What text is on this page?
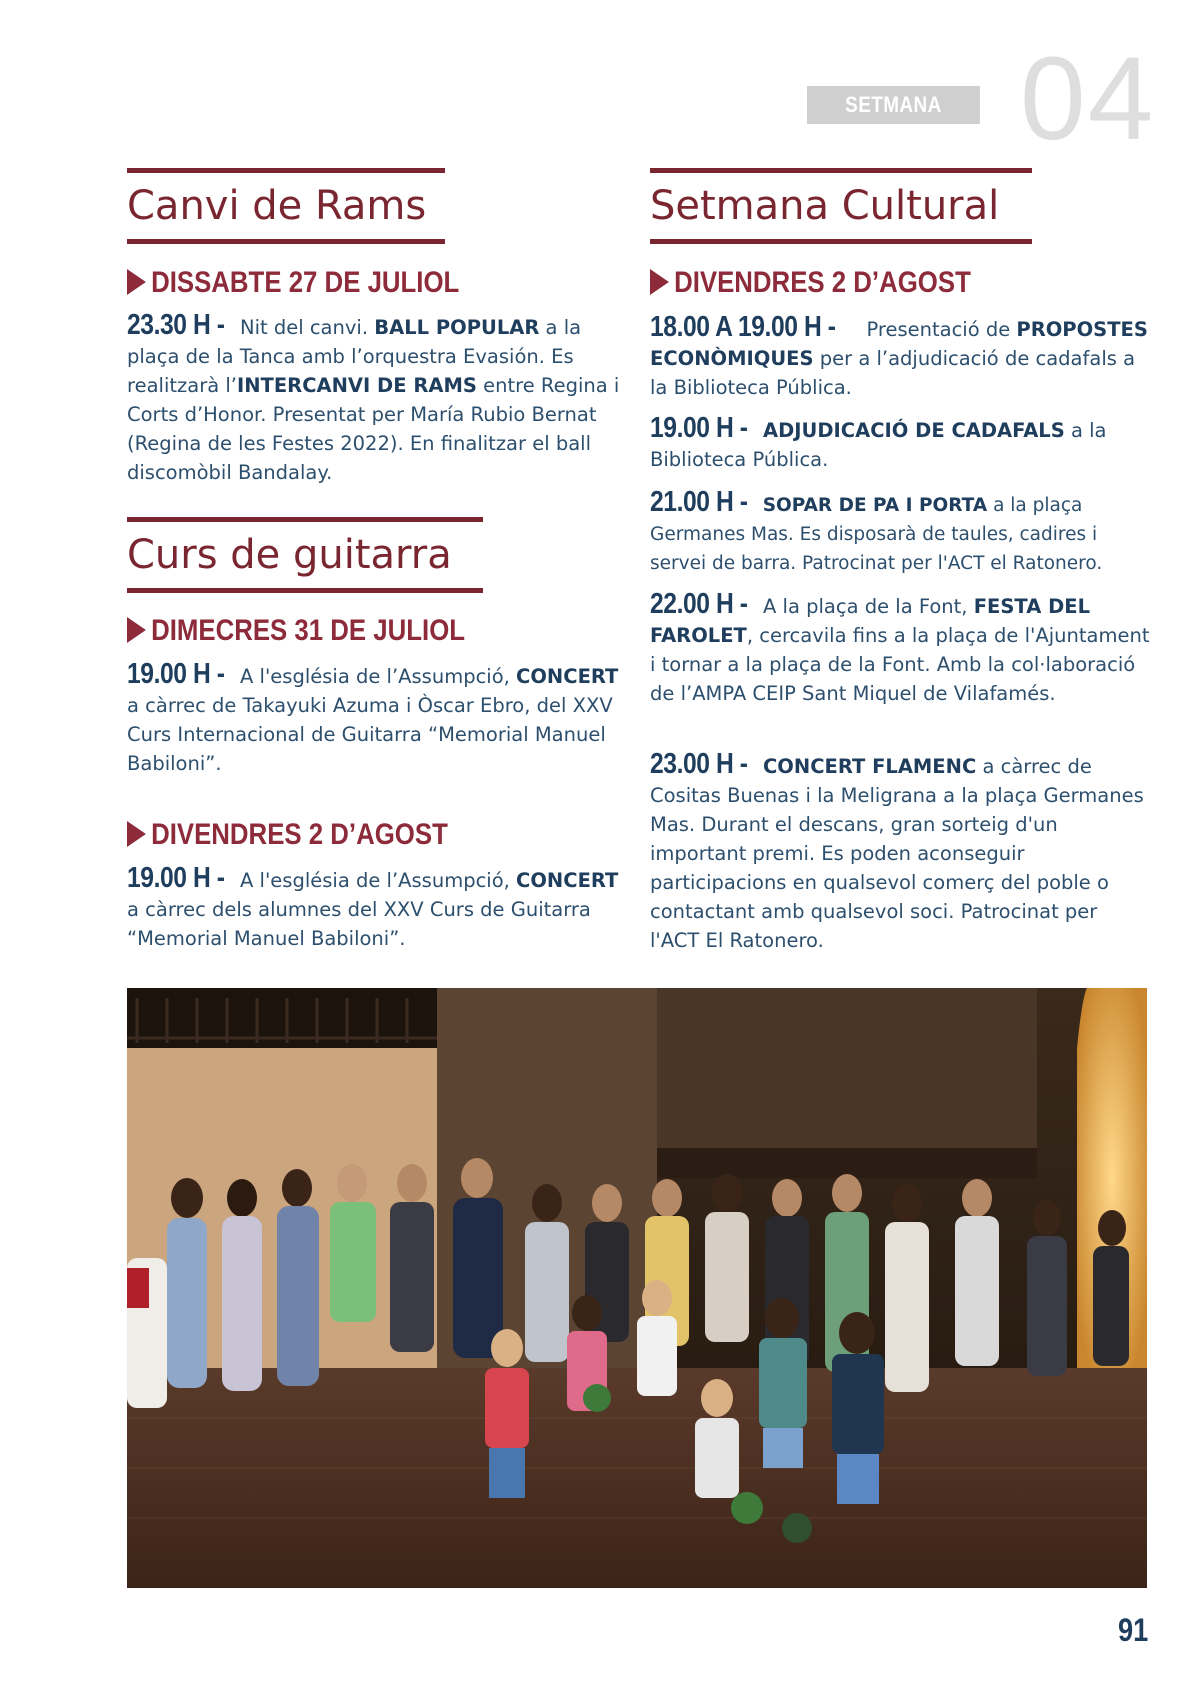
SETMANA CULTURAL 04
Canvi de Rams
DISSABTE 27 DE JULIOL
23.30 H - Nit del canvi. BALL POPULAR a la plaça de la Tanca amb l’orquestra Evasión. Es realitzarà l’INTERCANVI DE RAMS entre Regina i Corts d’Honor. Presentat per María Rubio Bernat (Regina de les Festes 2022). En finalitzar el ball discomòbil Bandalay.
Curs de guitarra
DIMECRES 31 DE JULIOL
19.00 H - A l'església de l’Assumpció, CONCERT a càrrec de Takayuki Azuma i Òscar Ebro, del XXV Curs Internacional de Guitarra “Memorial Manuel Babiloni”.
DIVENDRES 2 D’AGOST
19.00 H - A l'església de l’Assumpció, CONCERT a càrrec dels alumnes del XXV Curs de Guitarra “Memorial Manuel Babiloni”.
Setmana Cultural
DIVENDRES 2 D’AGOST
18.00 A 19.00 H - Presentació de PROPOSTES ECONÒMIQUES per a l’adjudicació de cadafals a la Biblioteca Pública.
19.00 H - ADJUDICACIÓ DE CADAFALS a la Biblioteca Pública.
21.00 H - SOPAR DE PA I PORTA a la plaça Germanes Mas. Es disposarà de taules, cadires i servei de barra. Patrocinat per l'ACT el Ratonero.
22.00 H - A la plaça de la Font, FESTA DEL FAROLET, cercavila fins a la plaça de l'Ajuntament i tornar a la plaça de la Font. Amb la col·laboració de l’AMPA CEIP Sant Miquel de Vilafamés.
23.00 H - CONCERT FLAMENC a càrrec de Cositas Buenas i la Meligrana a la plaça Germanes Mas. Durant el descans, gran sorteig d'un important premi. Es poden aconseguir participacions en qualsevol comerç del poble o contactant amb qualsevol soci. Patrocinat per l'ACT El Ratonero.
91
